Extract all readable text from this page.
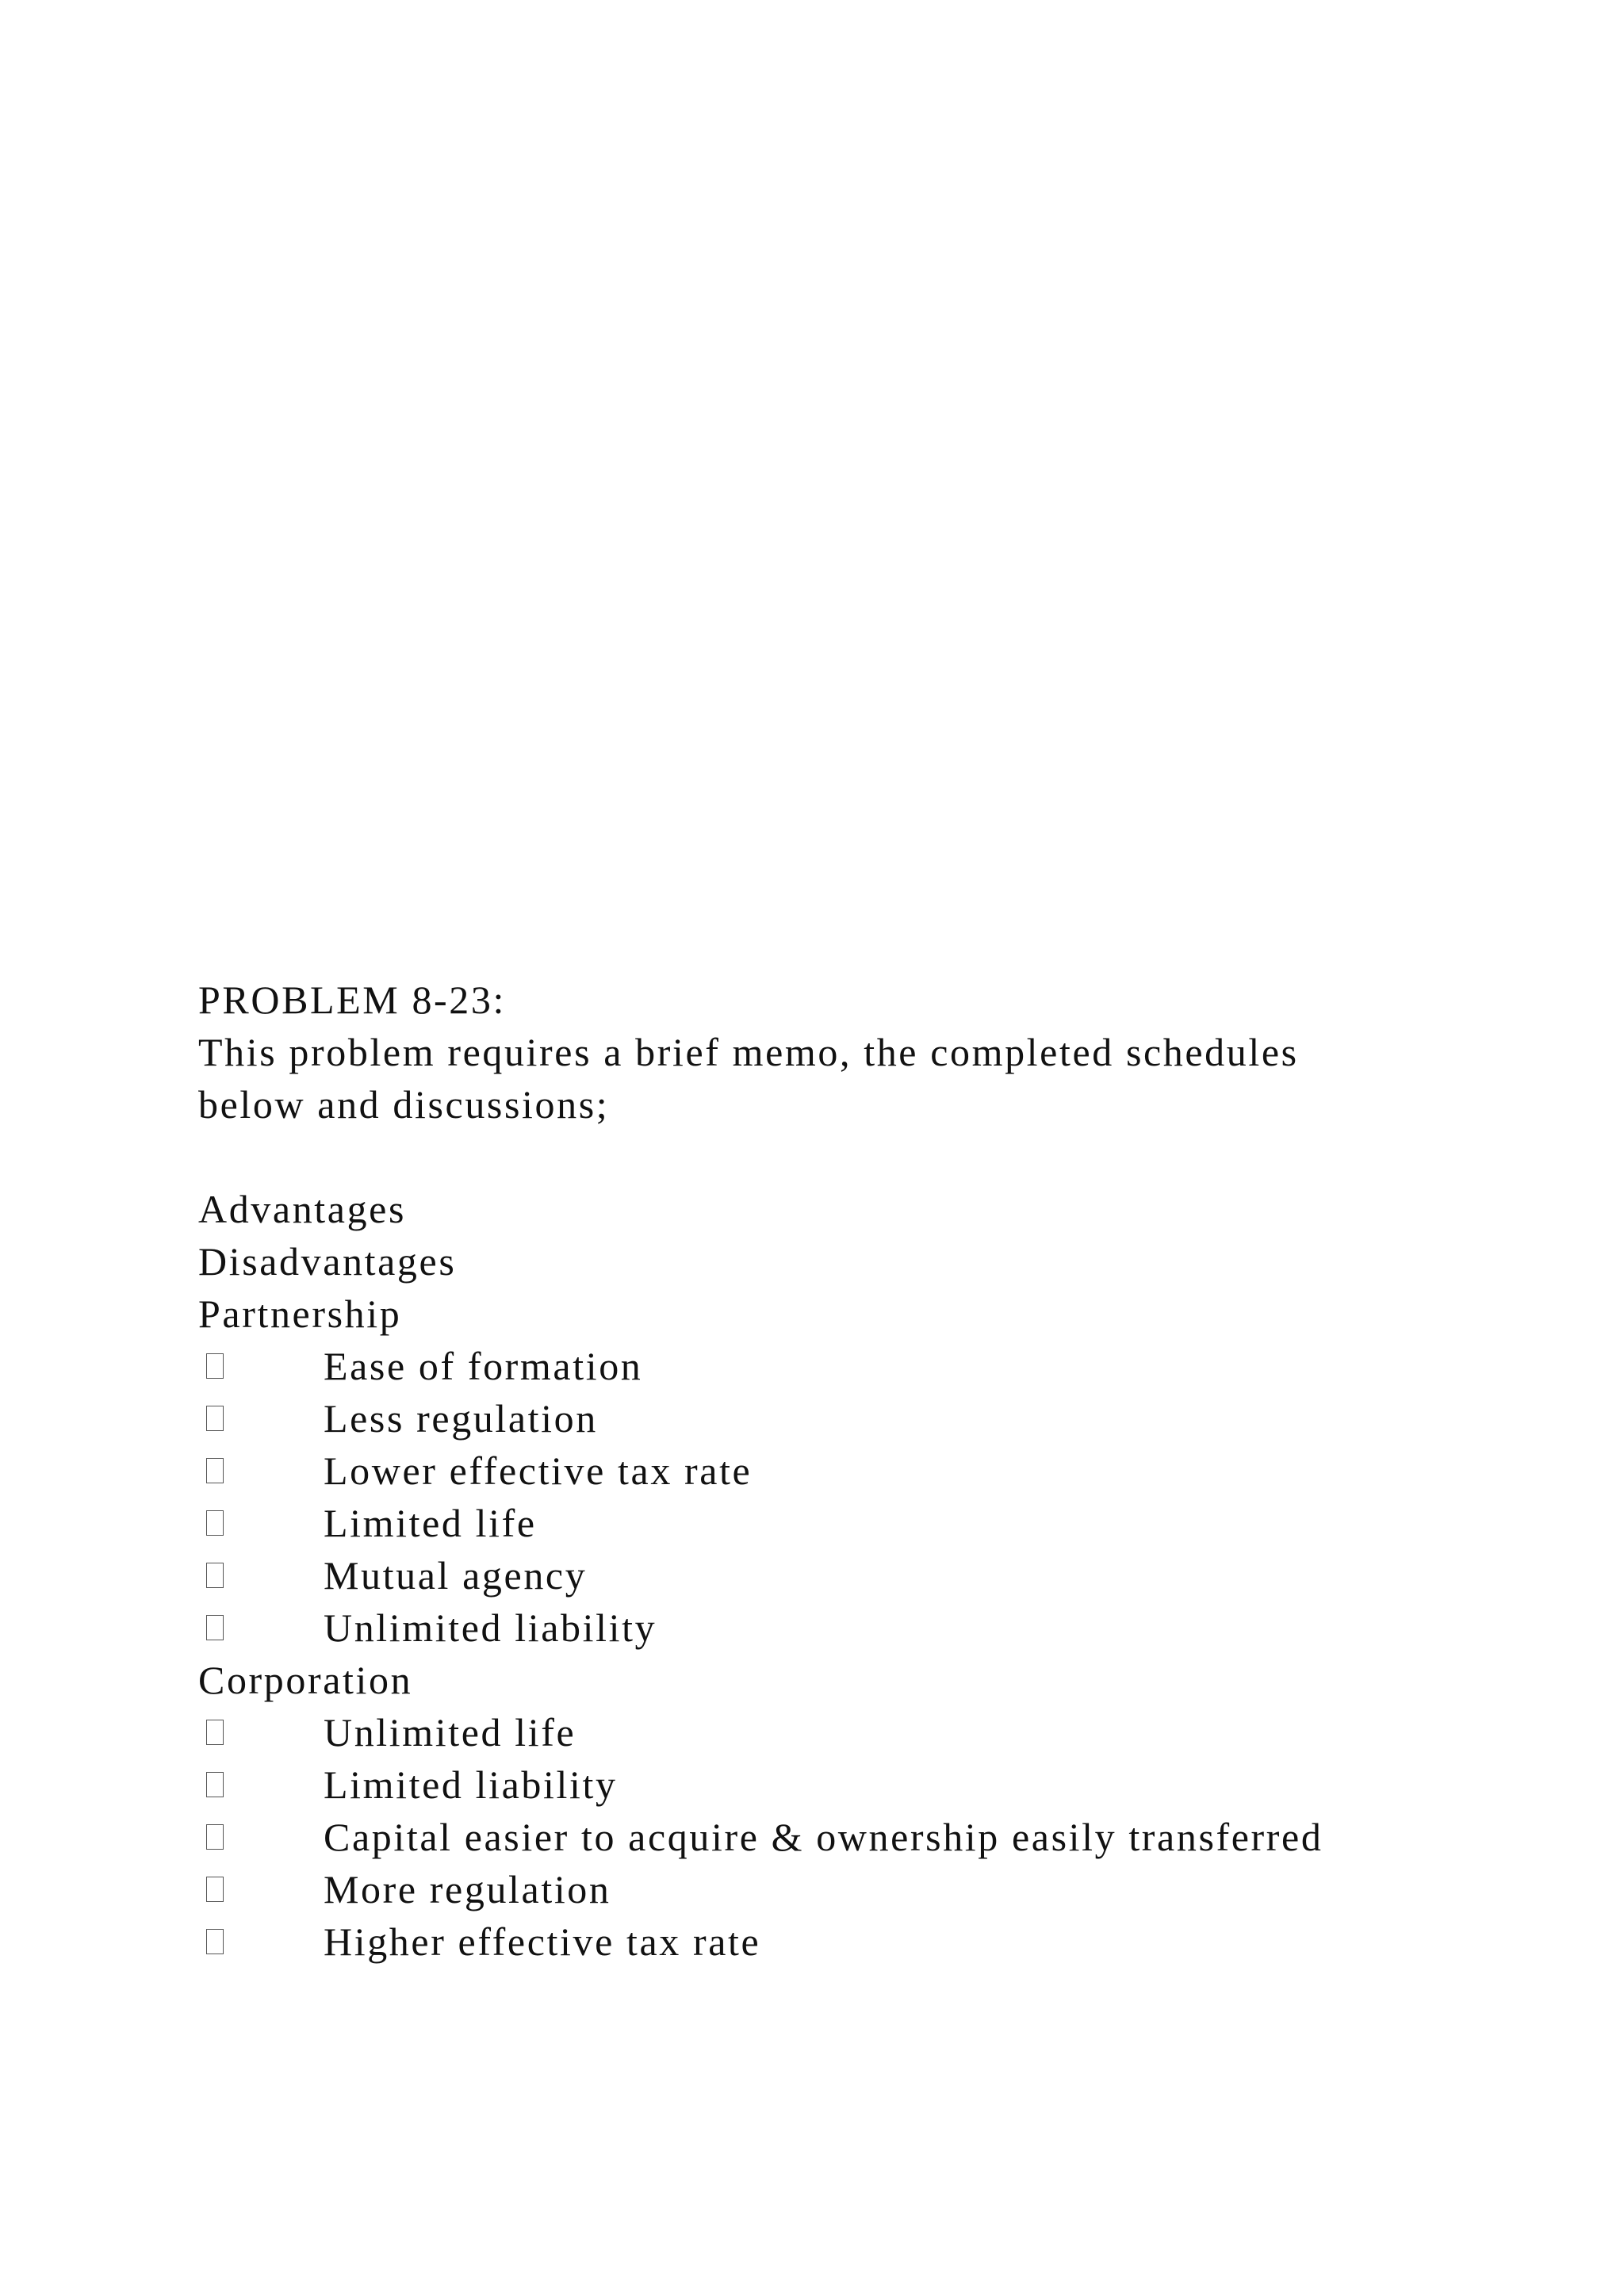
PROBLEM 8-23:
This problem requires a brief memo, the completed schedules
below and discussions;
Advantages
Disadvantages
Partnership
Ease of formation
Less regulation
Lower effective tax rate
Limited life
Mutual agency
Unlimited liability
Corporation
Unlimited life
Limited liability
Capital easier to acquire & ownership easily transferred
More regulation
Higher effective tax rate
